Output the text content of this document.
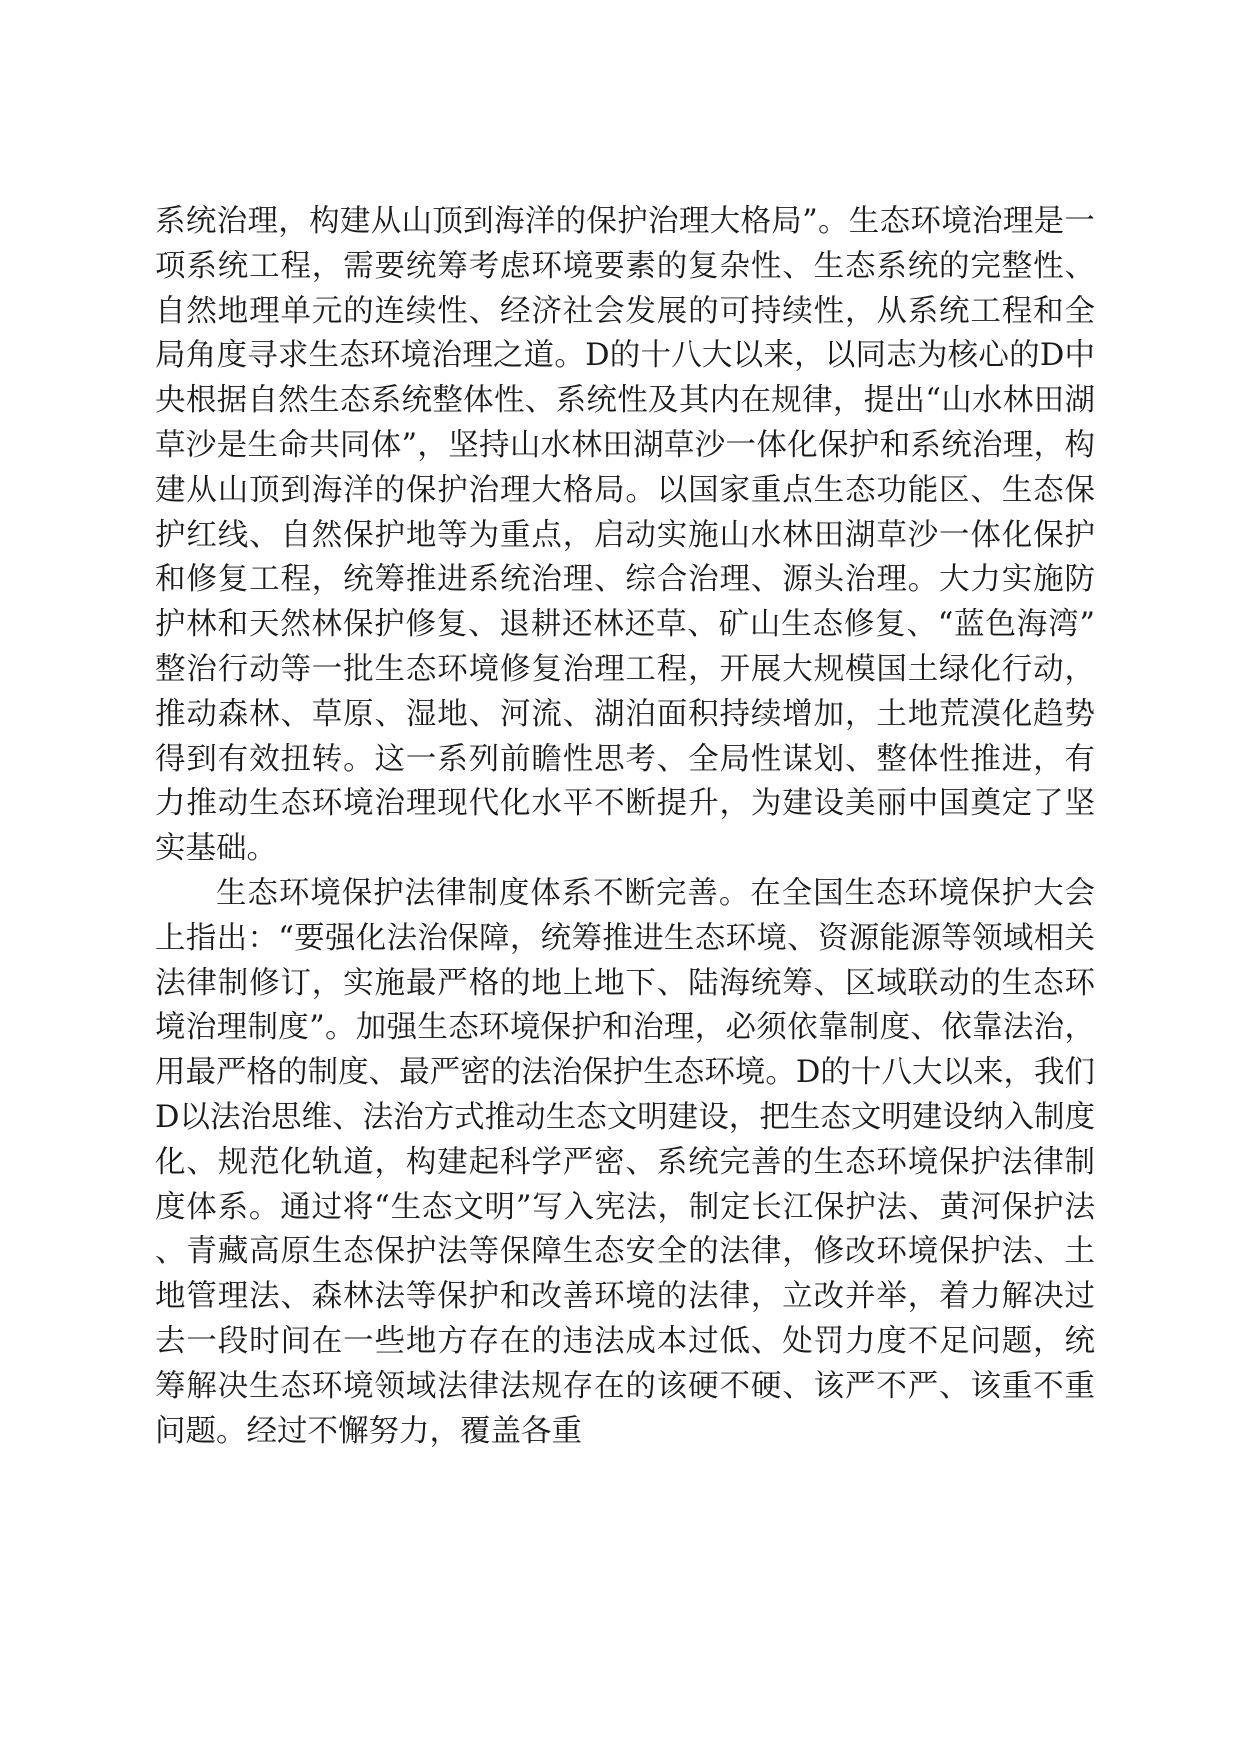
系统治理，构建从山顶到海洋的保护治理大格局”。生态环境治理是一项系统工程，需要统筹考虑环境要素的复杂性、生态系统的完整性、自然地理单元的连续性、经济社会发展的可持续性，从系统工程和全局角度寻求生态环境治理之道。D的十八大以来，以同志为核心的D中央根据自然生态系统整体性、系统性及其内在规律，提出“山水林田湖草沙是生命共同体”，坚持山水林田湖草沙一体化保护和系统治理，构建从山顶到海洋的保护治理大格局。以国家重点生态功能区、生态保护红线、自然保护地等为重点，启动实施山水林田湖草沙一体化保护和修复工程，统筹推进系统治理、综合治理、源头治理。大力实施防护林和天然林保护修复、退耕还林还草、矿山生态修复、“蓝色海湾”整治行动等一批生态环境修复治理工程，开展大规模国土绿化行动，推动森林、草原、湿地、河流、湖泊面积持续增加，土地荒漠化趋势得到有效扭转。这一系列前瞻性思考、全局性谋划、整体性推进，有力推动生态环境治理现代化水平不断提升，为建设美丽中国奠定了坚实基础。

生态环境保护法律制度体系不断完善。在全国生态环境保护大会上指出：“要强化法治保障，统筹推进生态环境、资源能源等领域相关法律制修订，实施最严格的地上地下、陆海统筹、区域联动的生态环境治理制度”。加强生态环境保护和治理，必须依靠制度、依靠法治，用最严格的制度、最严密的法治保护生态环境。D的十八大以来，我们D以法治思维、法治方式推动生态文明建设，把生态文明建设纳入制度化、规范化轨道，构建起科学严密、系统完善的生态环境保护法律制度体系。通过将“生态文明”写入宪法，制定长江保护法、黄河保护法、青藏高原生态保护法等保障生态安全的法律，修改环境保护法、土地管理法、森林法等保护和改善环境的法律，立改并举，着力解决过去一段时间在一些地方存在的违法成本过低、处罚力度不足问题，统筹解决生态环境领域法律法规存在的该硬不硬、该严不严、该重不重问题。经过不懈努力，覆盖各重
